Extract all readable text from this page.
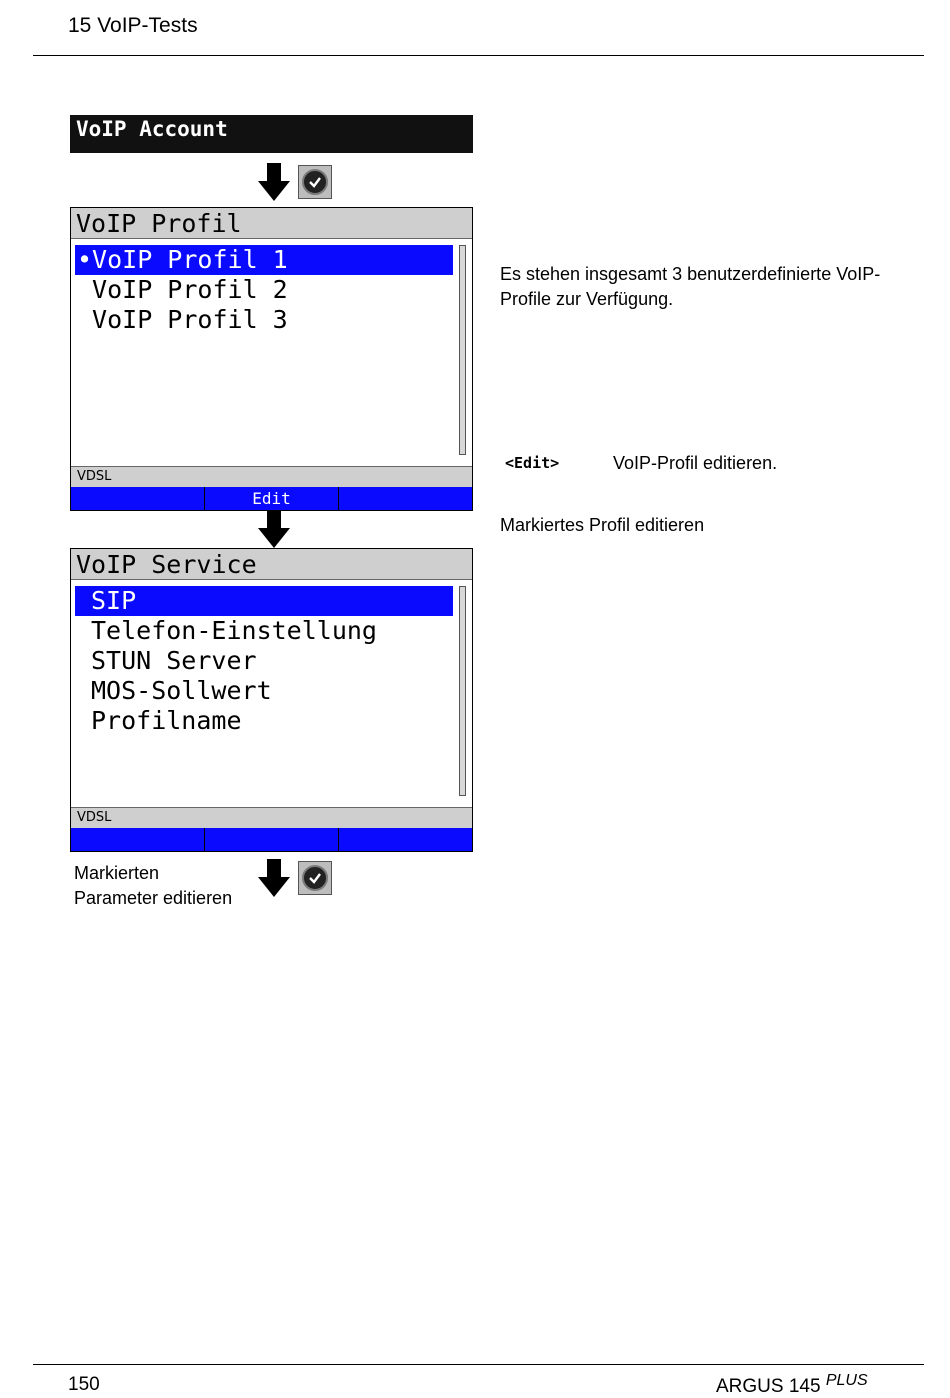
15 VoIP-Tests
VoIP Account
VoIP Profil
•VoIP Profil 1
VoIP Profil 2
VoIP Profil 3
VDSL
Edit
VoIP Service
SIP
Telefon-Einstellung
STUN Server
MOS-Sollwert
Profilname
VDSL
Markierten
Parameter editieren
Es stehen insgesamt 3 benutzerdefinierte VoIP-Profile zur Verfügung.
<Edit>	VoIP-Profil editieren.
Markiertes Profil editieren
150	ARGUS 145 $^{PLUS}$
